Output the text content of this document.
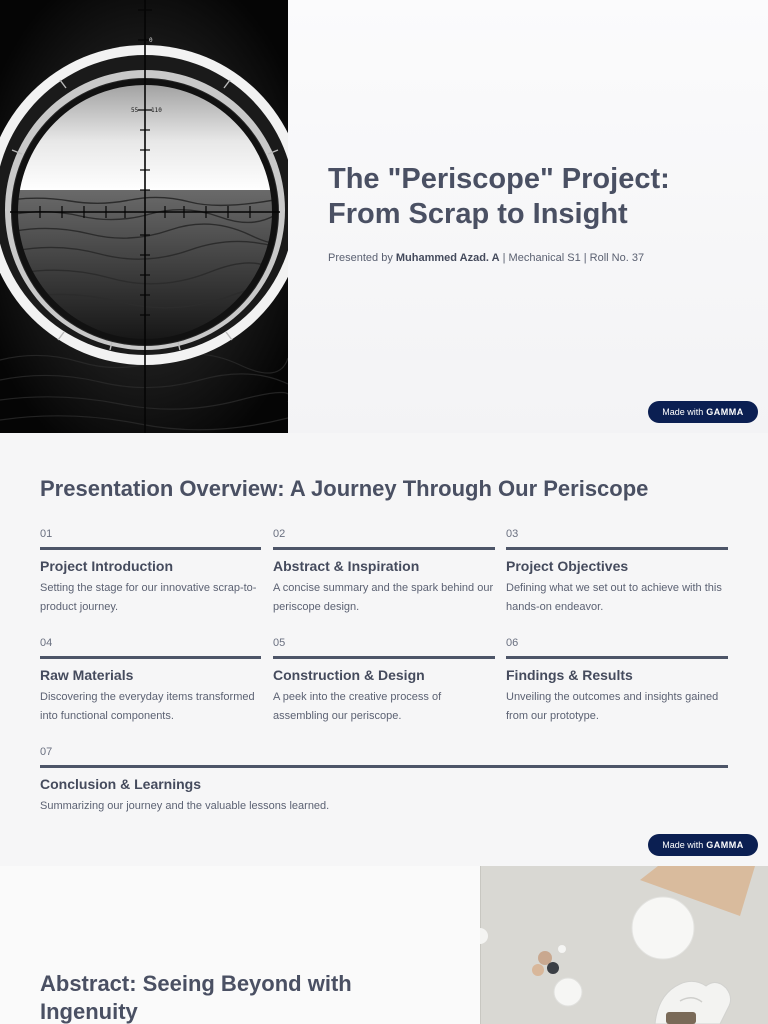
0
55 110
The "Periscope" Project: From Scrap to Insight

Presented by Muhammed Azad. A | Mechanical S1 | Roll No. 37

Made with GAMMA
Presentation Overview: A Journey Through Our Periscope
01
Project Introduction
Setting the stage for our innovative scrap-to-product journey.
02
Abstract & Inspiration
A concise summary and the spark behind our periscope design.
03
Project Objectives
Defining what we set out to achieve with this hands-on endeavor.
04
Raw Materials
Discovering the everyday items transformed into functional components.
05
Construction & Design
A peek into the creative process of assembling our periscope.
06
Findings & Results
Unveiling the outcomes and insights gained from our prototype.
07
Conclusion & Learnings
Summarizing our journey and the valuable lessons learned.
Made with GAMMA
Abstract: Seeing Beyond with Ingenuity
